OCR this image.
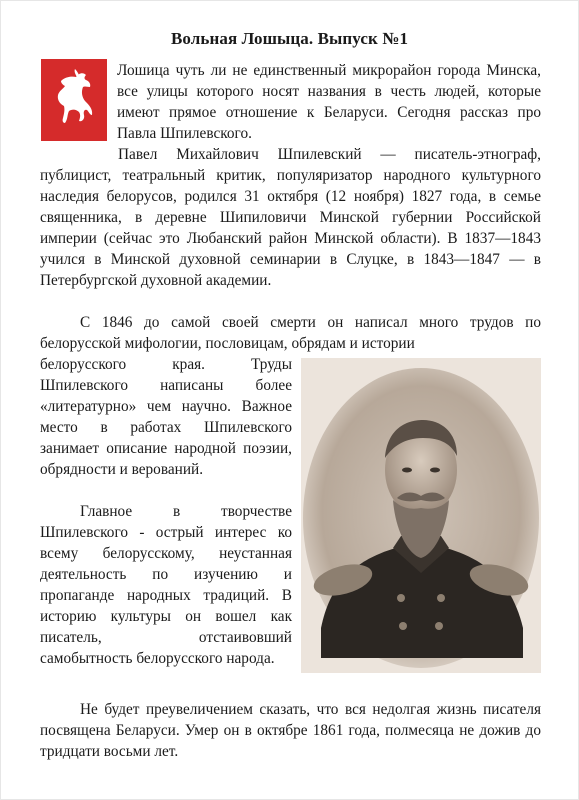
Вольная Лошыца. Выпуск №1
Лошица чуть ли не единственный микрорайон города Минска, все улицы которого носят названия в честь людей, которые имеют прямое отношение к Беларуси. Сегодня рассказ про Павла Шпилевского.
Павел Михайлович Шпилевский — писатель-этнограф, публицист, театральный критик, популяризатор народного культурного наследия белорусов, родился 31 октября (12 ноября) 1827 года, в семье священника, в деревне Шипиловичи Минской губернии Российской империи (сейчас это Любанский район Минской области). В 1837—1843 учился в Минской духовной семинарии в Слуцке, в 1843—1847 — в Петербургской духовной академии.
С 1846 до самой своей смерти он написал много трудов по белорусской мифологии, пословицам, обрядам и истории
белорусского края. Труды Шпилевского написаны более «литературно» чем научно. Важное место в работах Шпилевского занимает описание народной поэзии, обрядности и верований.
Главное в творчестве Шпилевского - острый интерес ко всему белорусскому, неустанная деятельность по изучению и пропаганде народных традиций. В историю культуры он вошел как писатель, отстаивовший самобытность белорусского народа.
Не будет преувеличением сказать, что вся недолгая жизнь писателя посвящена Беларуси. Умер он в октябре 1861 года, полмесяца не дожив до тридцати восьми лет.
